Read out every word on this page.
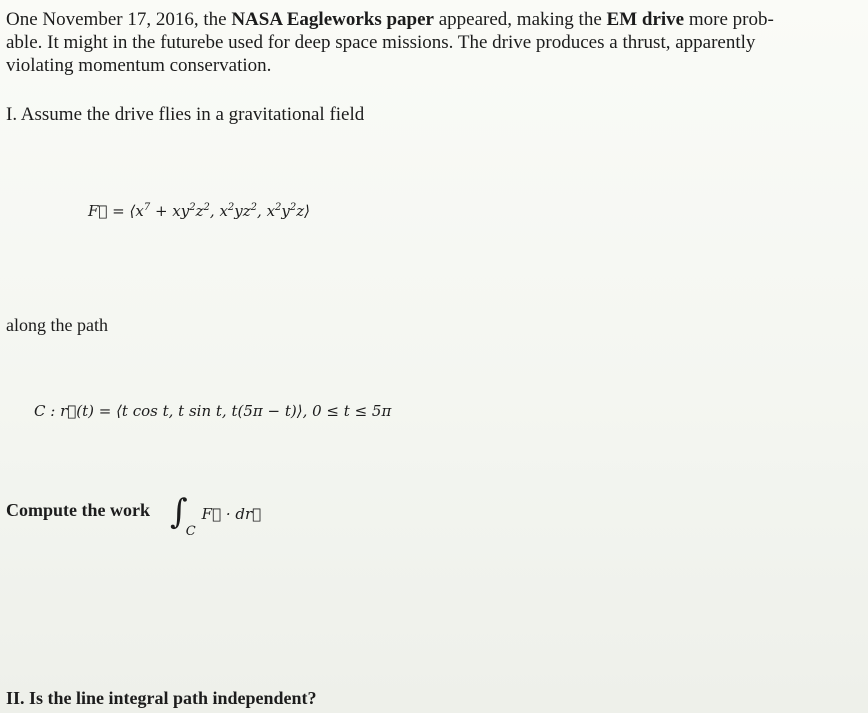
One November 17, 2016, the NASA Eagleworks paper appeared, making the EM drive more prob-
able. It might in the futurebe used for deep space missions. The drive produces a thrust, apparently
violating momentum conservation.
I. Assume the drive flies in a gravitational field
F⃗ = $⟨x^7 + xy^2z^2$, $x^2yz^2$, $x^2y^2z⟩$
along the path
C : r⃗(t) = ⟨t cos t, t sin t, t(5π − t)⟩, 0 ≤ t ≤ 5π
Compute the work $\int_CF⃗$ · dr⃗
II. Is the line integral path independent?
